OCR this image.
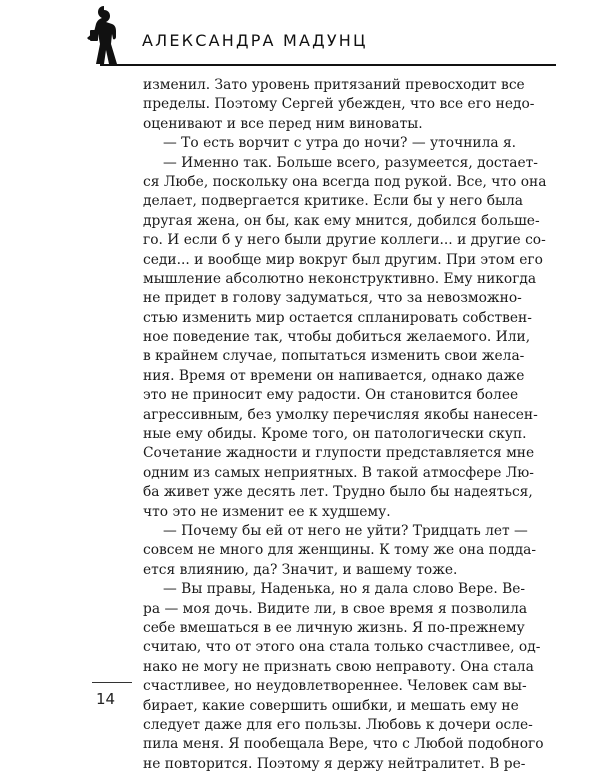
АЛЕКСАНДРА МАДУНЦ
изменил. Зато уровень притязаний превосходит все
пределы. Поэтому Сергей убежден, что все его недо-
оценивают и все перед ним виноваты.
— То есть ворчит с утра до ночи? — уточнила я.
— Именно так. Больше всего, разумеется, достает-
ся Любе, поскольку она всегда под рукой. Все, что она
делает, подвергается критике. Если бы у него была
другая жена, он бы, как ему мнится, добился больше-
го. И если б у него были другие коллеги... и другие со-
седи... и вообще мир вокруг был другим. При этом его
мышление абсолютно неконструктивно. Ему никогда
не придет в голову задуматься, что за невозможно-
стью изменить мир остается спланировать собствен-
ное поведение так, чтобы добиться желаемого. Или,
в крайнем случае, попытаться изменить свои жела-
ния. Время от времени он напивается, однако даже
это не приносит ему радости. Он становится более
агрессивным, без умолку перечисляя якобы нанесен-
ные ему обиды. Кроме того, он патологически скуп.
Сочетание жадности и глупости представляется мне
одним из самых неприятных. В такой атмосфере Лю-
ба живет уже десять лет. Трудно было бы надеяться,
что это не изменит ее к худшему.
— Почему бы ей от него не уйти? Тридцать лет —
совсем не много для женщины. К тому же она подда-
ется влиянию, да? Значит, и вашему тоже.
— Вы правы, Наденька, но я дала слово Вере. Ве-
ра — моя дочь. Видите ли, в свое время я позволила
себе вмешаться в ее личную жизнь. Я по-прежнему
считаю, что от этого она стала только счастливее, од-
нако не могу не признать свою неправоту. Она стала
счастливее, но неудовлетвореннее. Человек сам вы-
бирает, какие совершить ошибки, и мешать ему не
следует даже для его пользы. Любовь к дочери осле-
пила меня. Я пообещала Вере, что с Любой подобного
не повторится. Поэтому я держу нейтралитет. В ре-
14
